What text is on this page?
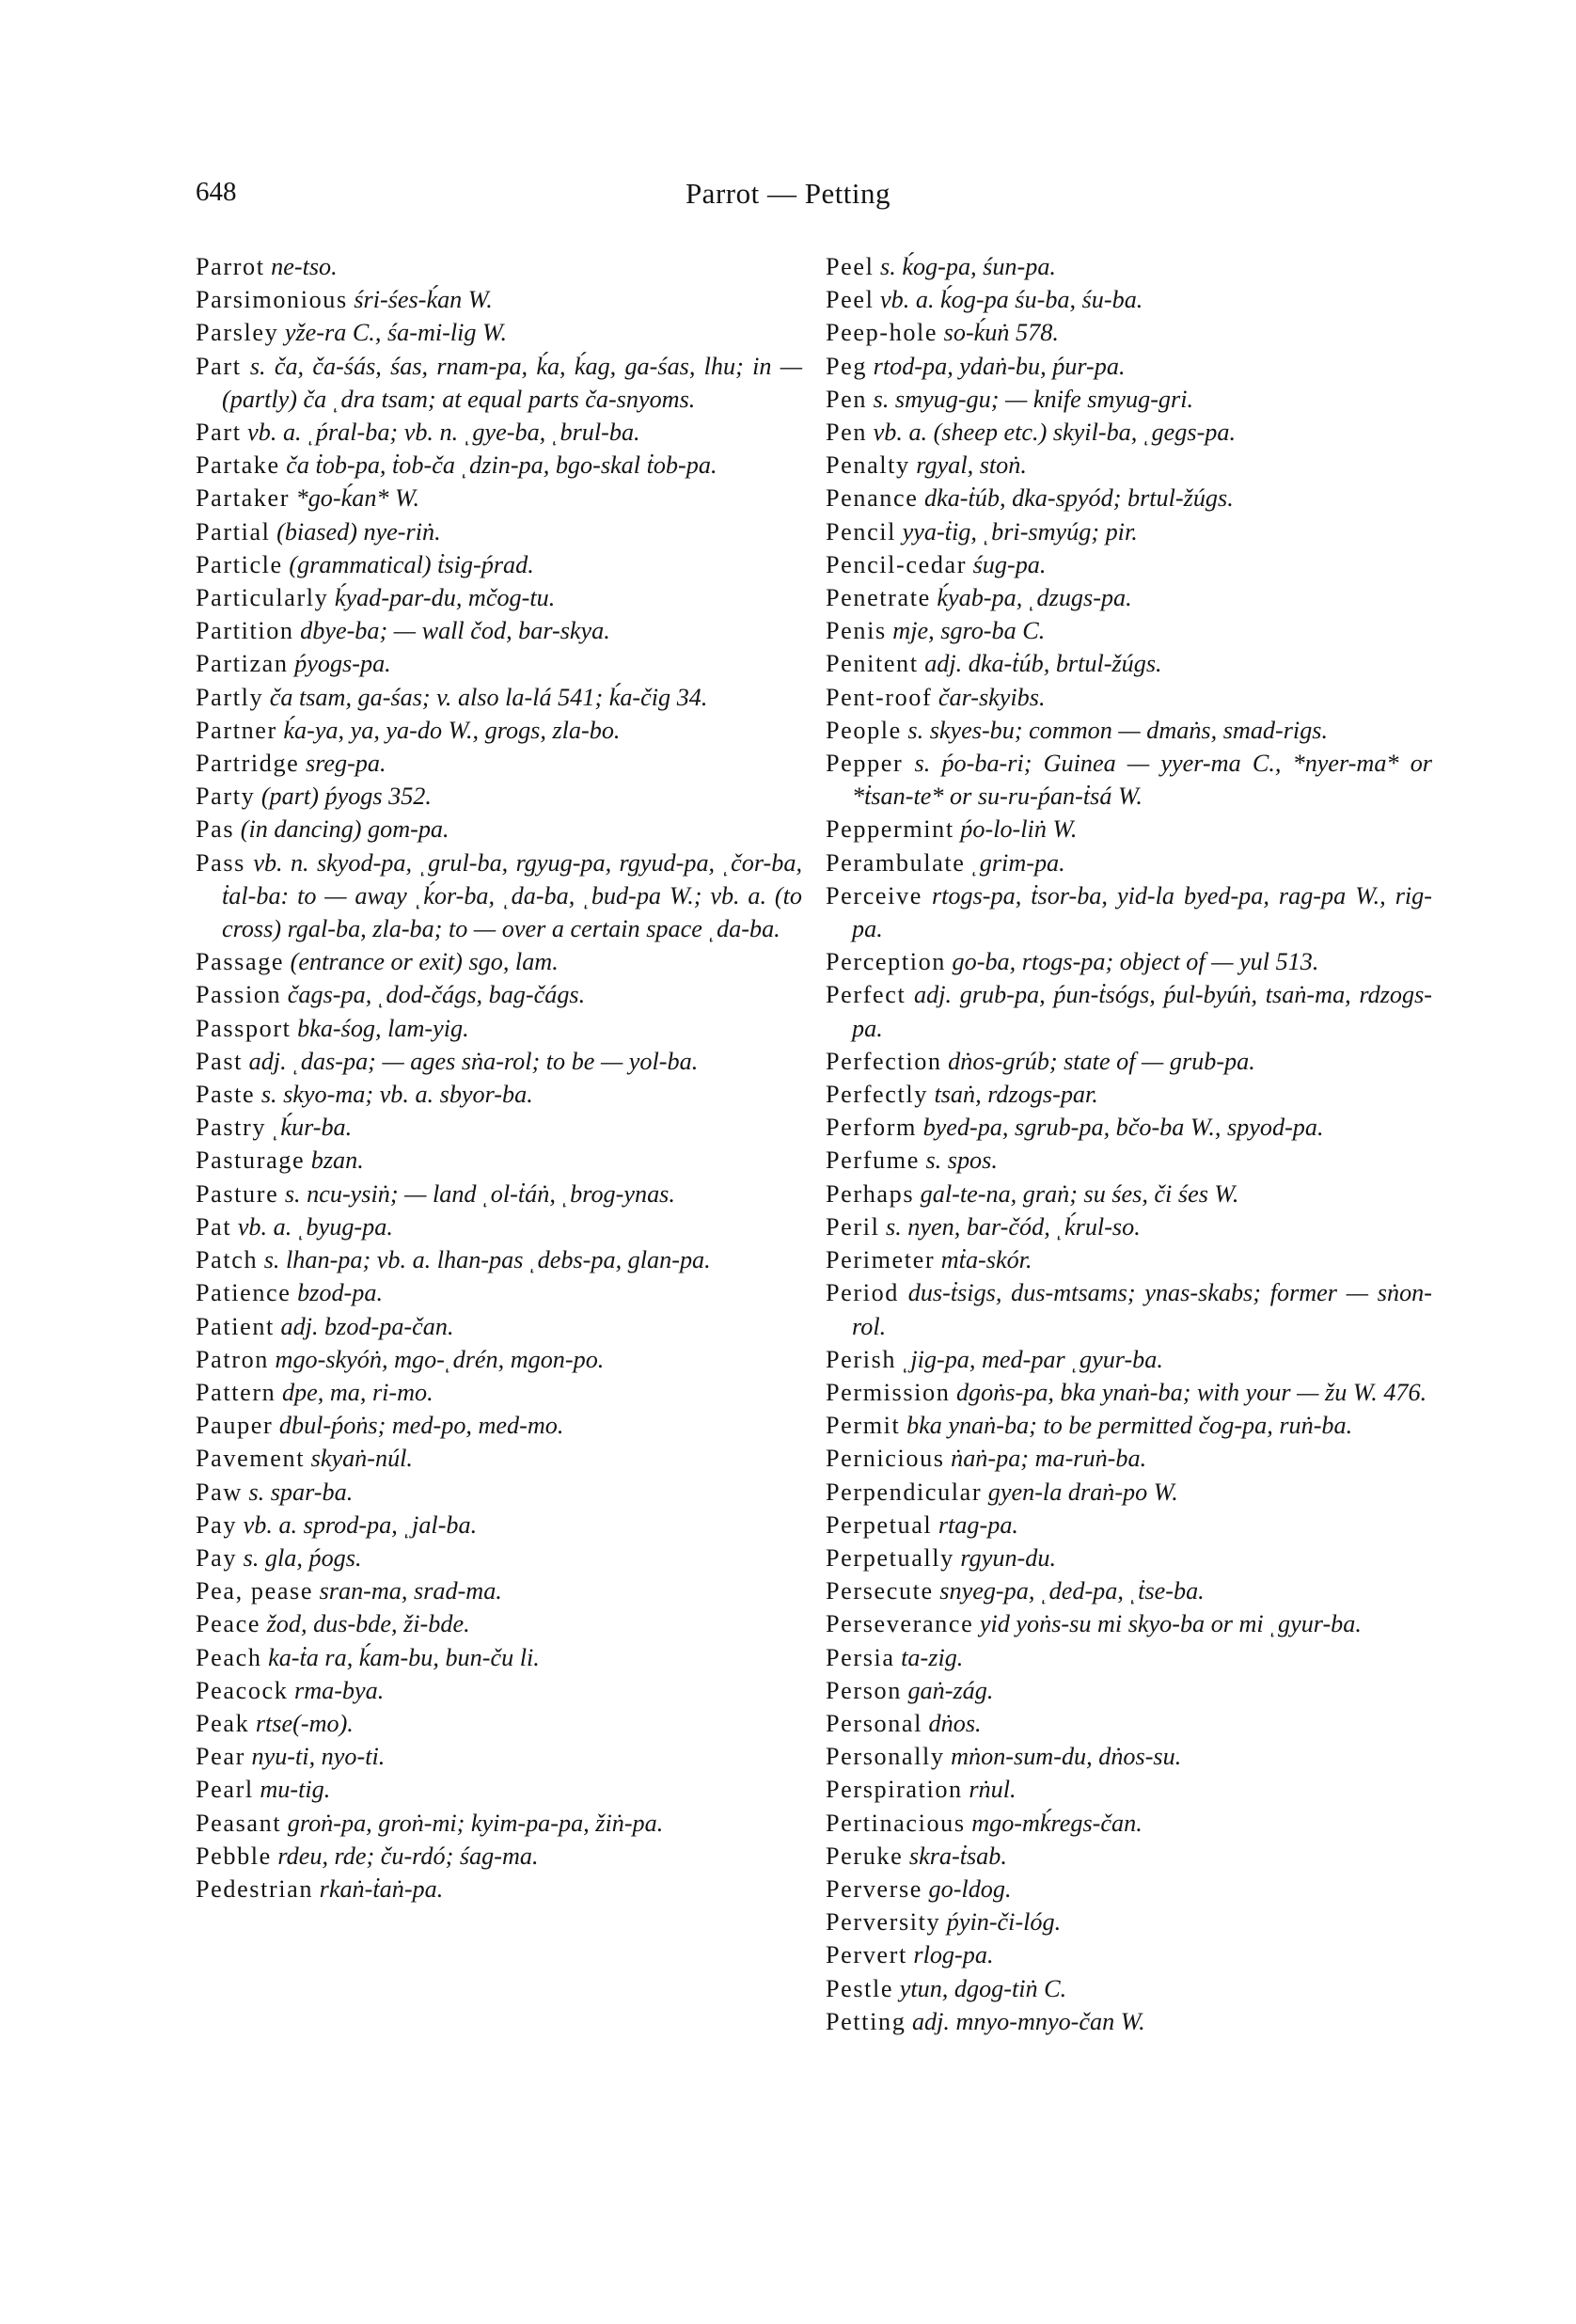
648	Parrot — Petting
Parrot ne-tso.
Parsimonious śri-śes-ḱan W.
Parsley yže-ra C., śa-mi-lig W.
Part s. ča, ča-śás, śas, rnam-pa, ḱa, ḱag, ga-śas, lhu; in — (partly) ča ͺdra tsam; at equal parts ča-snyoms.
Part vb. a. ͺṕral-ba; vb. n. ͺgye-ba, ͺbrul-ba.
Partake ča ṫob-pa, ṫob-ča ͺdzin-pa, bgo-skal ṫob-pa.
Partaker *go-ḱan* W.
Partial (biased) nye-riṅ.
Particle (grammatical) ṫsig-ṕrad.
Particularly ḱyad-par-du, mčog-tu.
Partition dbye-ba; — wall čod, bar-skya.
Partizan ṕyogs-pa.
Partly ča tsam, ga-śas; v. also la-lá 541; ḱa-čig 34.
Partner ḱa-ya, ya, ya-do W., grogs, zla-bo.
Partridge sreg-pa.
Party (part) ṕyogs 352.
Pas (in dancing) gom-pa.
Pass vb. n. skyod-pa, ͺgrul-ba, rgyug-pa, rgyud-pa, ͺčor-ba, ṫal-ba: to — away ͺḱor-ba, ͺda-ba, ͺbud-pa W.; vb. a. (to cross) rgal-ba, zla-ba; to — over a certain space ͺda-ba.
Passage (entrance or exit) sgo, lam.
Passion čags-pa, ͺdod-čágs, bag-čágs.
Passport bka-śog, lam-yig.
Past adj. ͺdas-pa; — ages sṅa-rol; to be — yol-ba.
Paste s. skyo-ma; vb. a. sbyor-ba.
Pastry ͺḱur-ba.
Pasturage bzan.
Pasture s. ncu-ysiṅ; — land ͺol-ṫáṅ, ͺbrog-ynas.
Pat vb. a. ͺbyug-pa.
Patch s. lhan-pa; vb. a. lhan-pas ͺdebs-pa, glan-pa.
Patience bzod-pa.
Patient adj. bzod-pa-čan.
Patron mgo-skyóṅ, mgo-ͺdrén, mgon-po.
Pattern dpe, ma, ri-mo.
Pauper dbul-ṕoṅs; med-po, med-mo.
Pavement skyaṅ-núl.
Paw s. spar-ba.
Pay vb. a. sprod-pa, ͺjal-ba.
Pay s. gla, ṕogs.
Pea, pease sran-ma, srad-ma.
Peace žod, dus-bde, ži-bde.
Peach ka-ṫa ra, ḱam-bu, bun-ču li.
Peacock rma-bya.
Peak rtse(-mo).
Pear nyu-ti, nyo-ti.
Pearl mu-tig.
Peasant groṅ-pa, groṅ-mi; kyim-pa-pa, žiṅ-pa.
Pebble rdeu, rde; ču-rdó; śag-ma.
Pedestrian rkaṅ-ṫaṅ-pa.
Peel s. ḱog-pa, śun-pa.
Peel vb. a. ḱog-pa śu-ba, śu-ba.
Peep-hole so-ḱuṅ 578.
Peg rtod-pa, ydaṅ-bu, ṕur-pa.
Pen s. smyug-gu; — knife smyug-gri.
Pen vb. a. (sheep etc.) skyil-ba, ͺgegs-pa.
Penalty rgyal, stoṅ.
Penance dka-ṫúb, dka-spyód; brtul-žúgs.
Pencil yya-ṫig, ͺbri-smyúg; pir.
Pencil-cedar śug-pa.
Penetrate ḱyab-pa, ͺdzugs-pa.
Penis mje, sgro-ba C.
Penitent adj. dka-ṫúb, brtul-žúgs.
Pent-roof čar-skyibs.
People s. skyes-bu; common — dmaṅs, smad-rigs.
Pepper s. ṕo-ba-ri; Guinea — yyer-ma C., *nyer-ma* or *ṫsan-te* or su-ru-ṕan-ṫsá W.
Peppermint ṕo-lo-liṅ W.
Perambulate ͺgrim-pa.
Perceive rtogs-pa, ṫsor-ba, yid-la byed-pa, rag-pa W., rig-pa.
Perception go-ba, rtogs-pa; object of — yul 513.
Perfect adj. grub-pa, ṕun-ṫsógs, ṕul-byúṅ, tsaṅ-ma, rdzogs-pa.
Perfection dṅos-grúb; state of — grub-pa.
Perfectly tsaṅ, rdzogs-par.
Perform byed-pa, sgrub-pa, bčo-ba W., spyod-pa.
Perfume s. spos.
Perhaps gal-te-na, graṅ; su śes, či śes W.
Peril s. nyen, bar-čód, ͺḱrul-so.
Perimeter mṫa-skór.
Period dus-ṫsigs, dus-mtsams; ynas-skabs; former — sṅon-rol.
Perish ͺjig-pa, med-par ͺgyur-ba.
Permission dgoṅs-pa, bka ynaṅ-ba; with your — žu W. 476.
Permit bka ynaṅ-ba; to be permitted čog-pa, ruṅ-ba.
Pernicious ṅaṅ-pa; ma-ruṅ-ba.
Perpendicular gyen-la draṅ-po W.
Perpetual rtag-pa.
Perpetually rgyun-du.
Persecute snyeg-pa, ͺded-pa, ͺṫse-ba.
Perseverance yid yoṅs-su mi skyo-ba or mi ͺgyur-ba.
Persia ta-zig.
Person gaṅ-zág.
Personal dṅos.
Personally mṅon-sum-du, dṅos-su.
Perspiration rṅul.
Pertinacious mgo-mḱregs-čan.
Peruke skra-ṫsab.
Perverse go-ldog.
Perversity ṕyin-či-lóg.
Pervert rlog-pa.
Pestle ytun, dgog-tiṅ C.
Petting adj. mnyo-mnyo-čan W.
